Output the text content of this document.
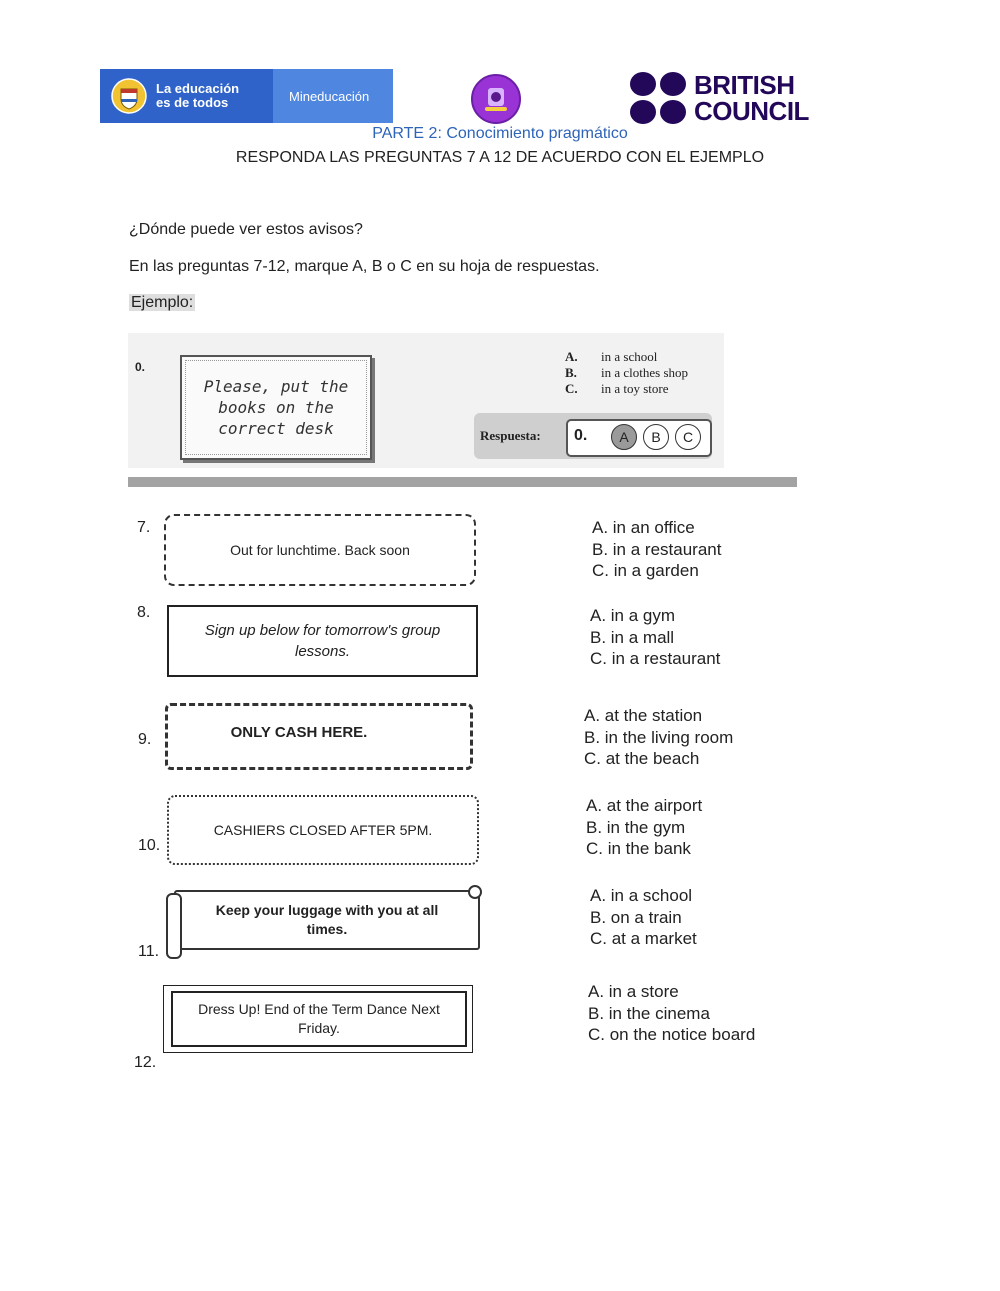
La educación
es de todos	Mineducación	BRITISH
COUNCIL
PARTE 2: Conocimiento pragmático
RESPONDA LAS PREGUNTAS 7 A 12 DE ACUERDO CON EL EJEMPLO
¿Dónde puede ver estos avisos?
En las preguntas 7-12, marque A, B o C en su hoja de respuestas.
Ejemplo:
0.
Please, put the
books on the
correct desk
A. in a school
B. in a clothes shop
C. in a toy store
Respuesta: 0.	A	B	C
7.
Out for lunchtime. Back soon
A. in an office
B. in a restaurant
C. in a garden
8.
Sign up below for tomorrow's group lessons.
A. in a gym
B. in a mall
C. in a restaurant
9.	ONLY CASH HERE.
A. at the station
B. in the living room
C. at the beach
10.
CASHIERS CLOSED AFTER 5PM.
A. at the airport
B. in the gym
C. in the bank
11.
Keep your luggage with you at all times.
A. in a school
B. on a train
C. at a market
Dress Up! End of the Term Dance Next Friday.
12.
A. in a store
B. in the cinema
C. on the notice board
